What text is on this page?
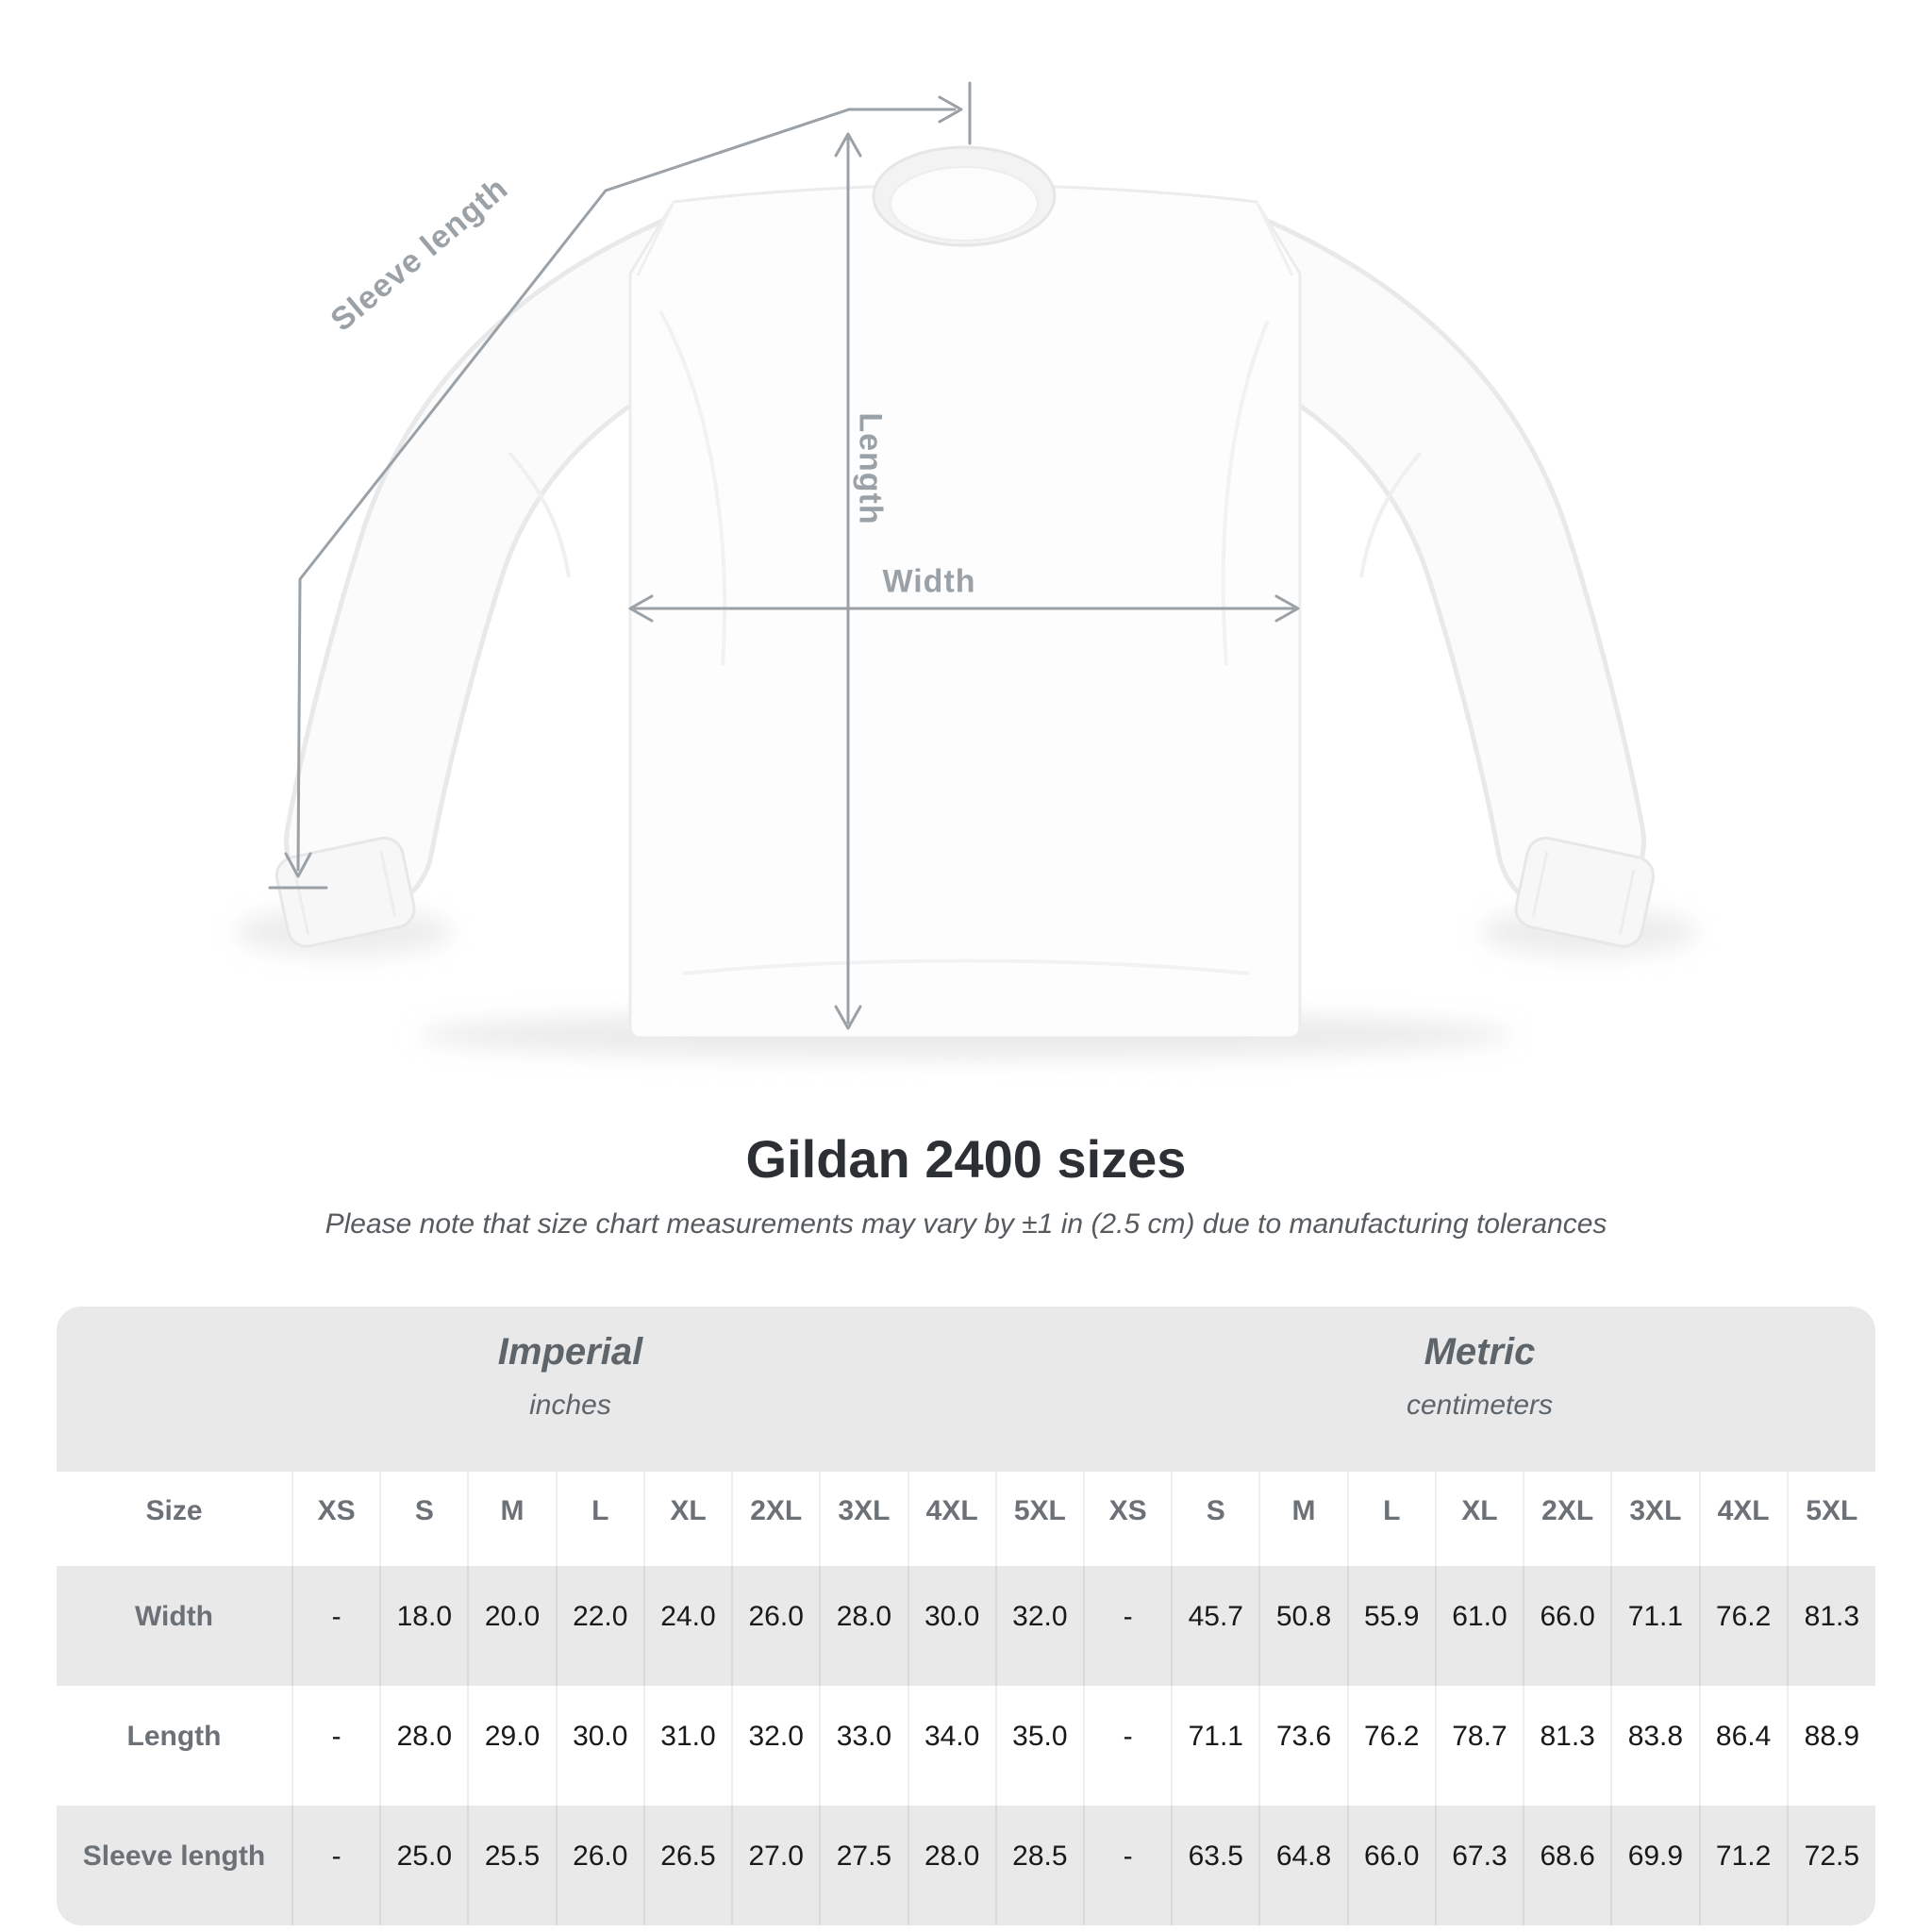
Sleeve length
Length
Width
Gildan 2400 sizes
Please note that size chart measurements may vary by ±1 in (2.5 cm) due to manufacturing tolerances
Imperial
inches

Metric
centimeters

Size	XS	S	M	L	XL	2XL	3XL	4XL	5XL	XS	S	M	L	XL	2XL	3XL	4XL	5XL
Width	-	18.0	20.0	22.0	24.0	26.0	28.0	30.0	32.0	-	45.7	50.8	55.9	61.0	66.0	71.1	76.2	81.3
Length	-	28.0	29.0	30.0	31.0	32.0	33.0	34.0	35.0	-	71.1	73.6	76.2	78.7	81.3	83.8	86.4	88.9
Sleeve length	-	25.0	25.5	26.0	26.5	27.0	27.5	28.0	28.5	-	63.5	64.8	66.0	67.3	68.6	69.9	71.2	72.5
